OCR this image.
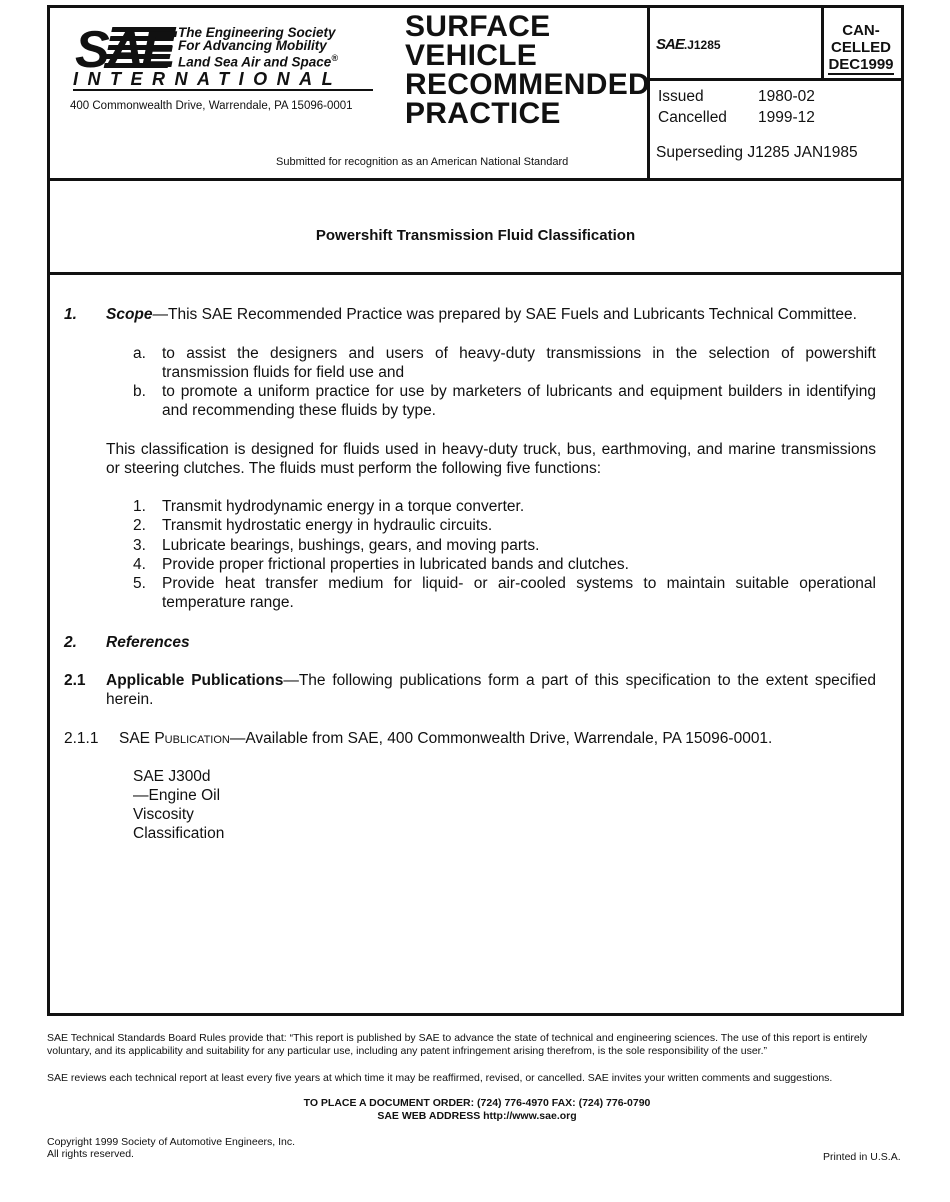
SAE The Engineering Society
For Advancing Mobility
Land Sea Air and Space®
INTERNATIONAL
400 Commonwealth Drive, Warrendale, PA 15096-0001
SURFACE
VEHICLE
RECOMMENDED
PRACTICE
Submitted for recognition as an American National Standard
SAE.J1285
CAN-
CELLED
DEC1999
Issued	1980-02
Cancelled	1999-12
Superseding J1285 JAN1985
Powershift Transmission Fluid Classification
1. Scope—This SAE Recommended Practice was prepared by SAE Fuels and Lubricants Technical Committee.
a. to assist the designers and users of heavy-duty transmissions in the selection of powershift transmission fluids for field use and
b. to promote a uniform practice for use by marketers of lubricants and equipment builders in identifying and recommending these fluids by type.
This classification is designed for fluids used in heavy-duty truck, bus, earthmoving, and marine transmissions or steering clutches. The fluids must perform the following five functions:
1. Transmit hydrodynamic energy in a torque converter.
2. Transmit hydrostatic energy in hydraulic circuits.
3. Lubricate bearings, bushings, gears, and moving parts.
4. Provide proper frictional properties in lubricated bands and clutches.
5. Provide heat transfer medium for liquid- or air-cooled systems to maintain suitable operational temperature range.
2. References
2.1 Applicable Publications—The following publications form a part of this specification to the extent specified herein.
2.1.1 SAE Publication—Available from SAE, 400 Commonwealth Drive, Warrendale, PA 15096-0001.
SAE J300d—Engine Oil Viscosity Classification
SAE Technical Standards Board Rules provide that: “This report is published by SAE to advance the state of technical and engineering sciences. The use of this report is entirely voluntary, and its applicability and suitability for any particular use, including any patent infringement arising therefrom, is the sole responsibility of the user.”
SAE reviews each technical report at least every five years at which time it may be reaffirmed, revised, or cancelled. SAE invites your written comments and suggestions.
TO PLACE A DOCUMENT ORDER: (724) 776-4970 FAX: (724) 776-0790
SAE WEB ADDRESS http://www.sae.org
Copyright 1999 Society of Automotive Engineers, Inc.
All rights reserved.	Printed in U.S.A.
